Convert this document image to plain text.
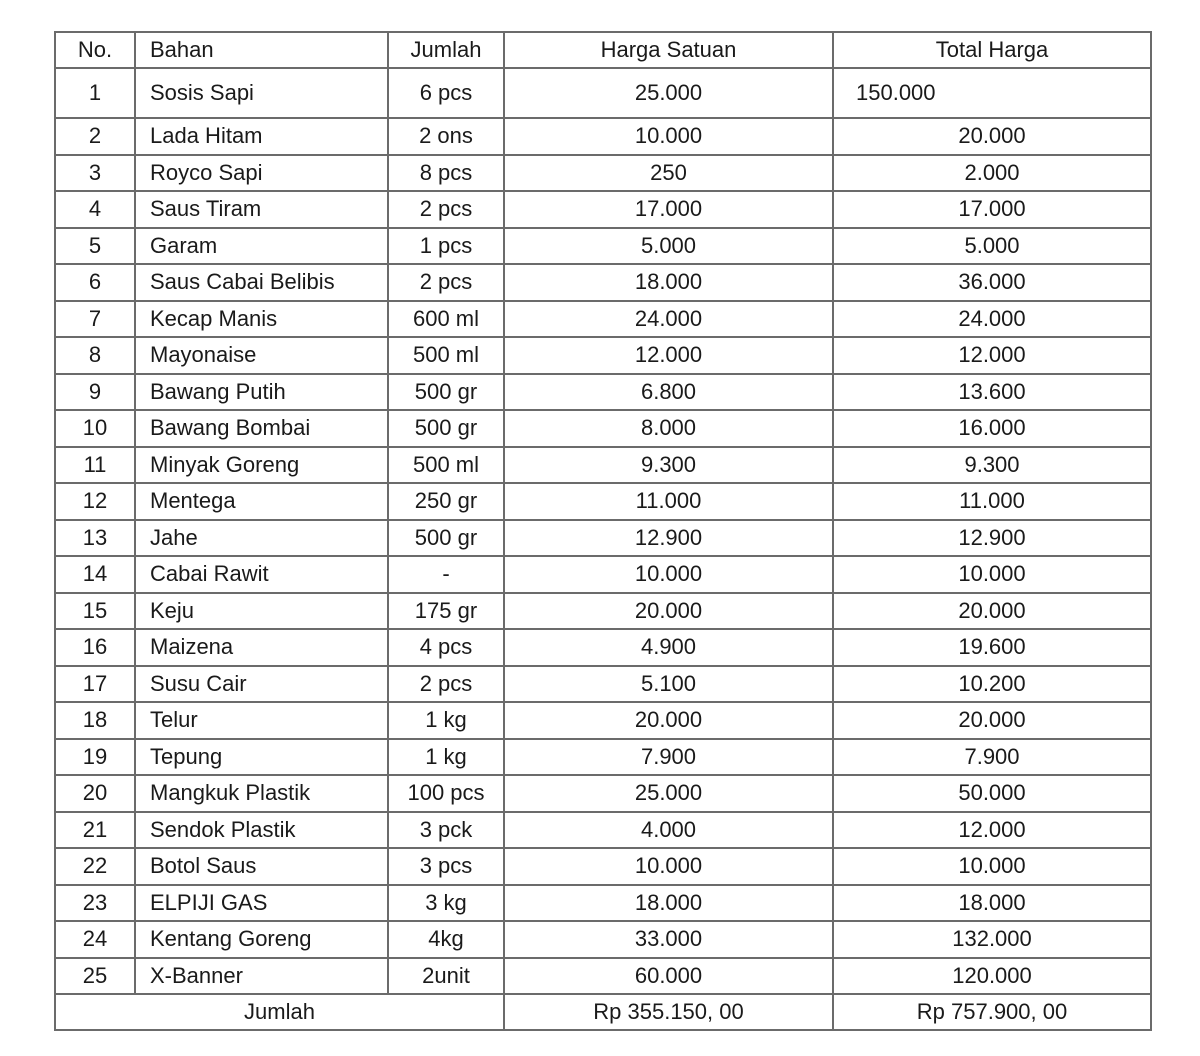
No.	Bahan	Jumlah	Harga Satuan	Total Harga
1	Sosis Sapi	6 pcs	25.000	150.000
2	Lada Hitam	2 ons	10.000	20.000
3	Royco Sapi	8 pcs	250	2.000
4	Saus Tiram	2 pcs	17.000	17.000
5	Garam	1 pcs	5.000	5.000
6	Saus Cabai Belibis	2 pcs	18.000	36.000
7	Kecap Manis	600 ml	24.000	24.000
8	Mayonaise	500 ml	12.000	12.000
9	Bawang Putih	500 gr	6.800	13.600
10	Bawang Bombai	500 gr	8.000	16.000
11	Minyak Goreng	500 ml	9.300	9.300
12	Mentega	250 gr	11.000	11.000
13	Jahe	500 gr	12.900	12.900
14	Cabai Rawit	-	10.000	10.000
15	Keju	175 gr	20.000	20.000
16	Maizena	4 pcs	4.900	19.600
17	Susu Cair	2 pcs	5.100	10.200
18	Telur	1 kg	20.000	20.000
19	Tepung	1 kg	7.900	7.900
20	Mangkuk Plastik	100 pcs	25.000	50.000
21	Sendok Plastik	3 pck	4.000	12.000
22	Botol Saus	3 pcs	10.000	10.000
23	ELPIJI GAS	3 kg	18.000	18.000
24	Kentang Goreng	4kg	33.000	132.000
25	X-Banner	2unit	60.000	120.000
Jumlah			Rp 355.150, 00	Rp 757.900, 00
